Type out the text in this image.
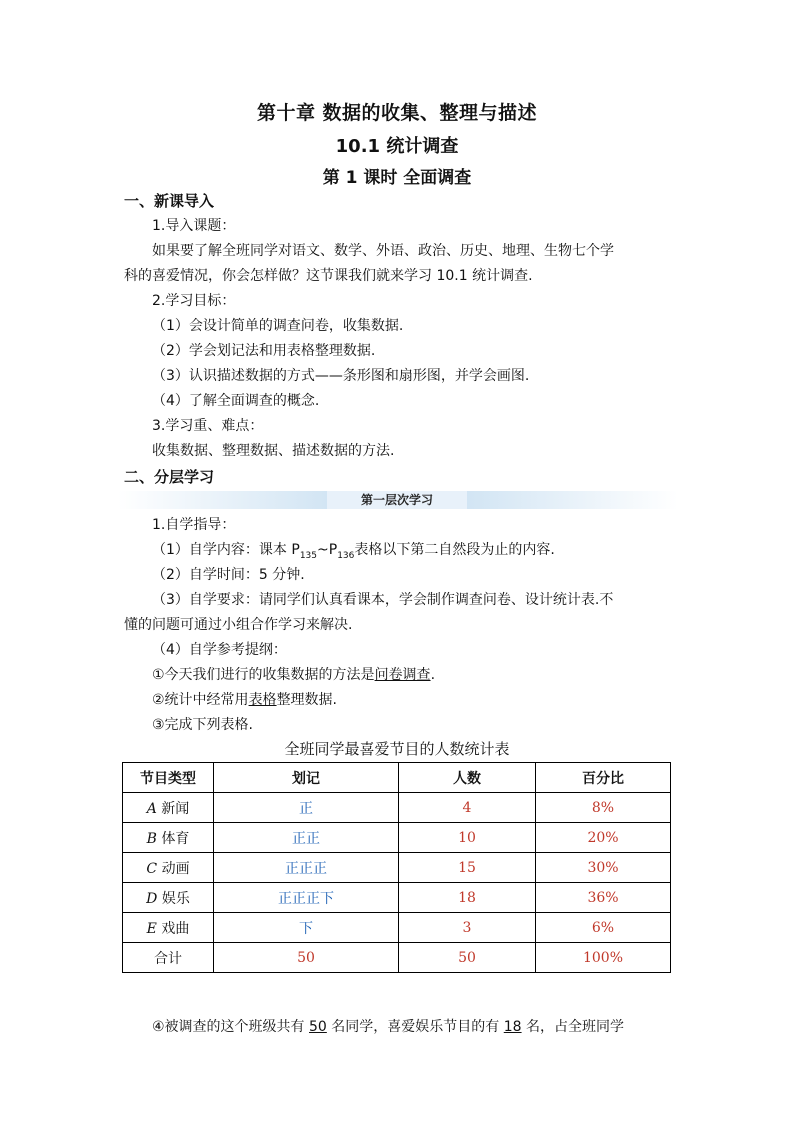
第十章 数据的收集、整理与描述
10.1 统计调查
第 1 课时 全面调查
一、新课导入
1.导入课题：
如果要了解全班同学对语文、数学、外语、政治、历史、地理、生物七个学
科的喜爱情况，你会怎样做？这节课我们就来学习 10.1 统计调查.
2.学习目标：
（1）会设计简单的调查问卷，收集数据.
（2）学会划记法和用表格整理数据.
（3）认识描述数据的方式——条形图和扇形图，并学会画图.
（4）了解全面调查的概念.
3.学习重、难点：
收集数据、整理数据、描述数据的方法.
二、分层学习
第一层次学习
1.自学指导：
（1）自学内容：课本 $P_{135}\sim P_{136}$表格以下第二自然段为止的内容.
（2）自学时间：5 分钟.
（3）自学要求：请同学们认真看课本，学会制作调查问卷、设计统计表.不
懂的问题可通过小组合作学习来解决.
（4）自学参考提纲：
①今天我们进行的收集数据的方法是问卷调查.
②统计中经常用表格整理数据.
③完成下列表格.
全班同学最喜爱节目的人数统计表
节目类型	划记	人数	百分比
A 新闻	正	4	8%
B 体育	正正	10	20%
C 动画	正正正	15	30%
D 娱乐	正正正下	18	36%
E 戏曲	下	3	6%
合计	50	50	100%
④被调查的这个班级共有 50 名同学，喜爱娱乐节目的有 18 名，占全班同学
